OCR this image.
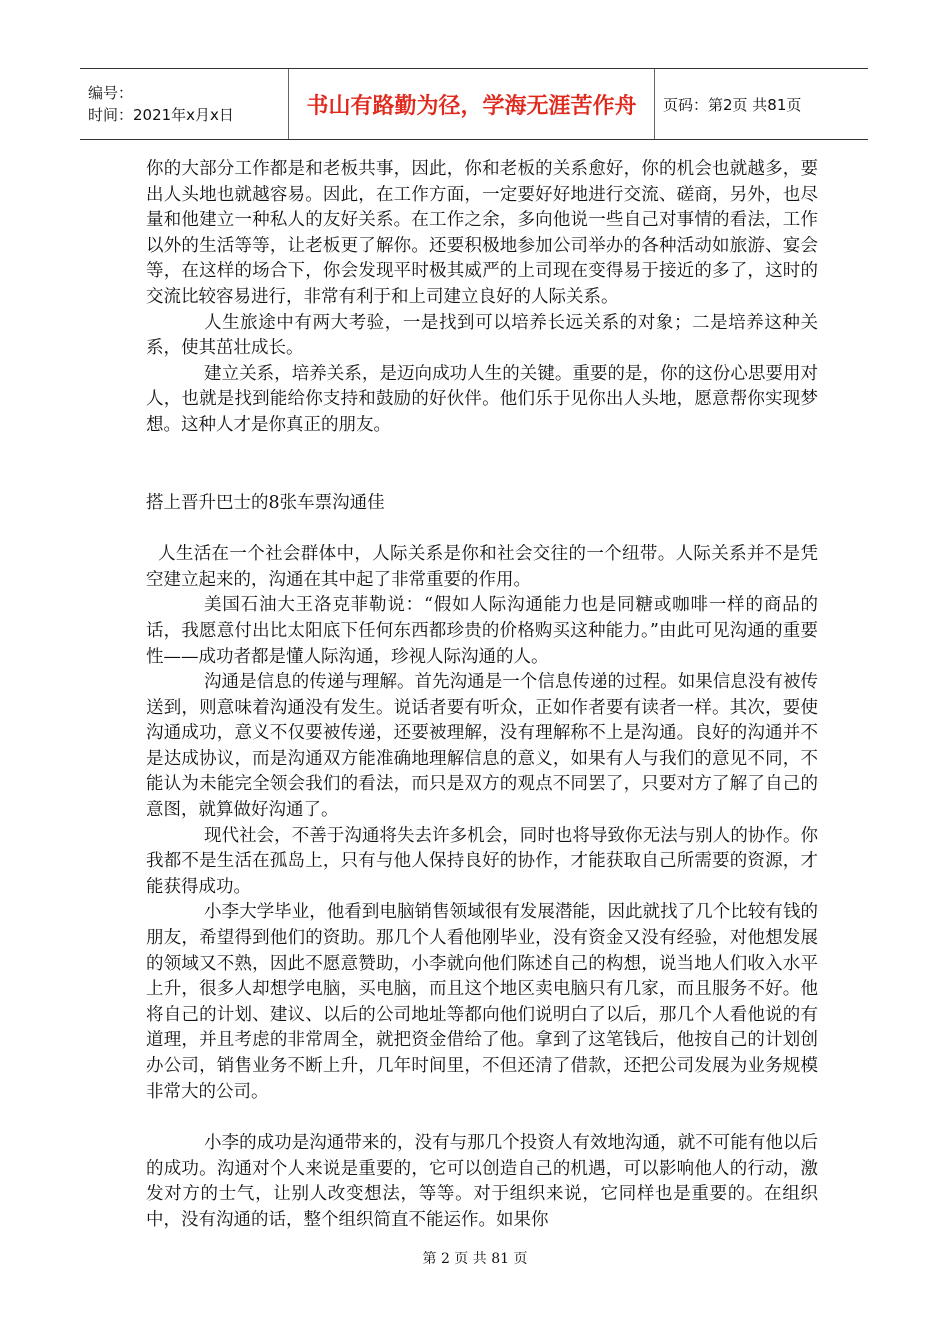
编号：
时间：2021年x月x日	书山有路勤为径，学海无涯苦作舟 页码：第2页 共81页

你的大部分工作都是和老板共事，因此，你和老板的关系愈好，你的机会也就越多，要出人头地也就越容易。因此，在工作方面，一定要好好地进行交流、磋商，另外，也尽量和他建立一种私人的友好关系。在工作之余，多向他说一些自己对事情的看法，工作以外的生活等等，让老板更了解你。还要积极地参加公司举办的各种活动如旅游、宴会等，在这样的场合下，你会发现平时极其威严的上司现在变得易于接近的多了，这时的交流比较容易进行，非常有利于和上司建立良好的人际关系。

人生旅途中有两大考验，一是找到可以培养长远关系的对象；二是培养这种关系，使其茁壮成长。

建立关系，培养关系，是迈向成功人生的关键。重要的是，你的这份心思要用对人，也就是找到能给你支持和鼓励的好伙伴。他们乐于见你出人头地，愿意帮你实现梦想。这种人才是你真正的朋友。

搭上晋升巴士的8张车票沟通佳

人生活在一个社会群体中，人际关系是你和社会交往的一个纽带。人际关系并不是凭空建立起来的，沟通在其中起了非常重要的作用。

美国石油大王洛克菲勒说：“假如人际沟通能力也是同糖或咖啡一样的商品的话，我愿意付出比太阳底下任何东西都珍贵的价格购买这种能力。”由此可见沟通的重要性——成功者都是懂人际沟通，珍视人际沟通的人。

沟通是信息的传递与理解。首先沟通是一个信息传递的过程。如果信息没有被传送到，则意味着沟通没有发生。说话者要有听众，正如作者要有读者一样。其次，要使沟通成功，意义不仅要被传递，还要被理解，没有理解称不上是沟通。良好的沟通并不是达成协议，而是沟通双方能准确地理解信息的意义，如果有人与我们的意见不同，不能认为未能完全领会我们的看法，而只是双方的观点不同罢了，只要对方了解了自己的意图，就算做好沟通了。

现代社会，不善于沟通将失去许多机会，同时也将导致你无法与别人的协作。你我都不是生活在孤岛上，只有与他人保持良好的协作，才能获取自己所需要的资源，才能获得成功。

小李大学毕业，他看到电脑销售领域很有发展潜能，因此就找了几个比较有钱的朋友，希望得到他们的资助。那几个人看他刚毕业，没有资金又没有经验，对他想发展的领域又不熟，因此不愿意赞助，小李就向他们陈述自己的构想，说当地人们收入水平上升，很多人却想学电脑，买电脑，而且这个地区卖电脑只有几家，而且服务不好。他将自己的计划、建议、以后的公司地址等都向他们说明白了以后，那几个人看他说的有道理，并且考虑的非常周全，就把资金借给了他。拿到了这笔钱后，他按自己的计划创办公司，销售业务不断上升，几年时间里，不但还清了借款，还把公司发展为业务规模非常大的公司。

小李的成功是沟通带来的，没有与那几个投资人有效地沟通，就不可能有他以后的成功。沟通对个人来说是重要的，它可以创造自己的机遇，可以影响他人的行动，激发对方的士气，让别人改变想法，等等。对于组织来说，它同样也是重要的。在组织中，没有沟通的话，整个组织简直不能运作。如果你

第 2 页 共 81 页
